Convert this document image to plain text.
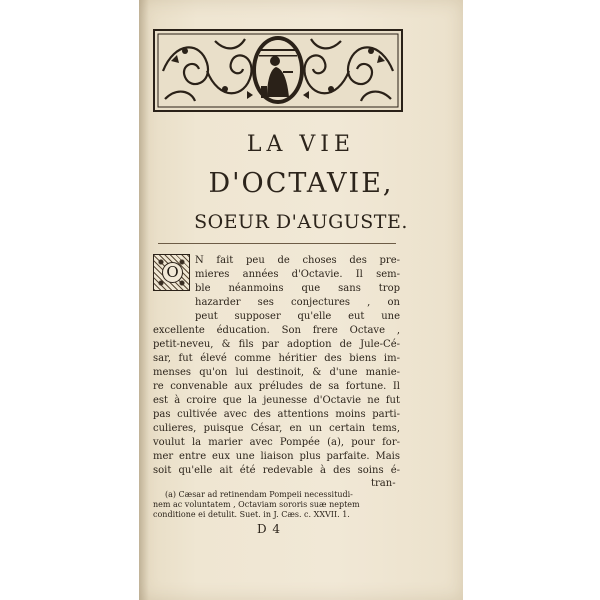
LA VIE
D'OCTAVIE,
SOEUR D'AUGUSTE.
O
N fait peu de choses des pre-
mieres années d'Octavie. Il sem-
ble néanmoins que sans trop
hazarder ses conjectures , on
peut supposer qu'elle eut une
excellente éducation. Son frere Octave ,
petit-neveu, & fils par adoption de Jule-Cé-
sar, fut élevé comme héritier des biens im-
menses qu'on lui destinoit, & d'une manie-
re convenable aux préludes de sa fortune. Il
est à croire que la jeunesse d'Octavie ne fut
pas cultivée avec des attentions moins parti-
culieres, puisque César, en un certain tems,
voulut la marier avec Pompée (a), pour for-
mer entre eux une liaison plus parfaite. Mais
soit qu'elle ait été redevable à des soins é-
tran-
(a) Cæsar ad retinendam Pompeii necessitudi-
nem ac voluntatem , Octaviam sororis suæ neptem
conditione ei detulit. Suet. in J. Cæs. c. XXVII. 1.
D 4
